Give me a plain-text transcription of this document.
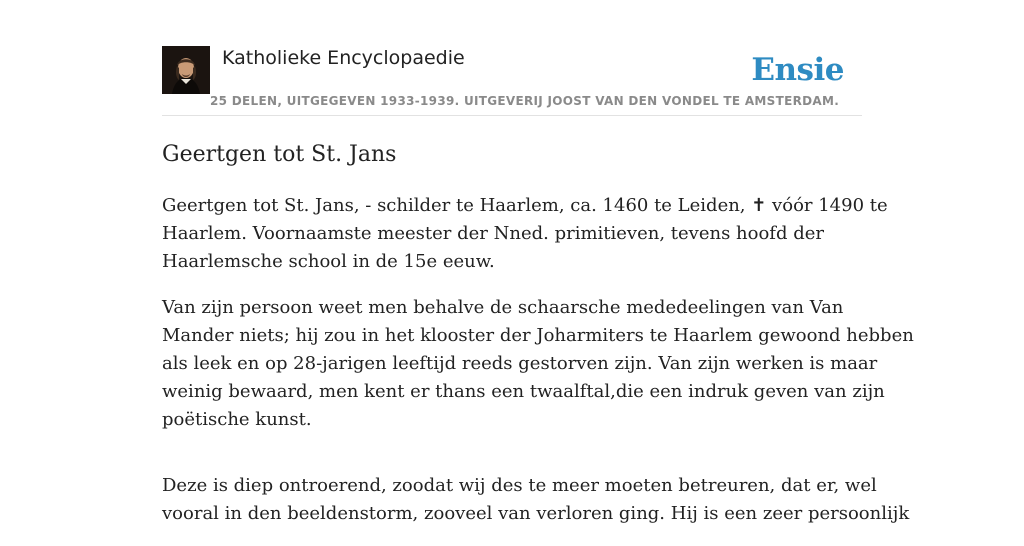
Katholieke Encyclopaedie
25 DELEN, UITGEGEVEN 1933-1939. UITGEVERIJ JOOST VAN DEN VONDEL TE AMSTERDAM.
Ensie
Geertgen tot St. Jans

Geertgen tot St. Jans, - schilder te Haarlem, ca. 1460 te Leiden, ✝ vóór 1490 te
Haarlem. Voornaamste meester der Nned. primitieven, tevens hoofd der
Haarlemsche school in de 15e eeuw.

Van zijn persoon weet men behalve de schaarsche mededeelingen van Van
Mander niets; hij zou in het klooster der Joharmiters te Haarlem gewoond hebben
als leek en op 28-jarigen leeftijd reeds gestorven zijn. Van zijn werken is maar
weinig bewaard, men kent er thans een twaalftal,die een indruk geven van zijn
poëtische kunst.

Deze is diep ontroerend, zoodat wij des te meer moeten betreuren, dat er, wel
vooral in den beeldenstorm, zooveel van verloren ging. Hij is een zeer persoonlijk
